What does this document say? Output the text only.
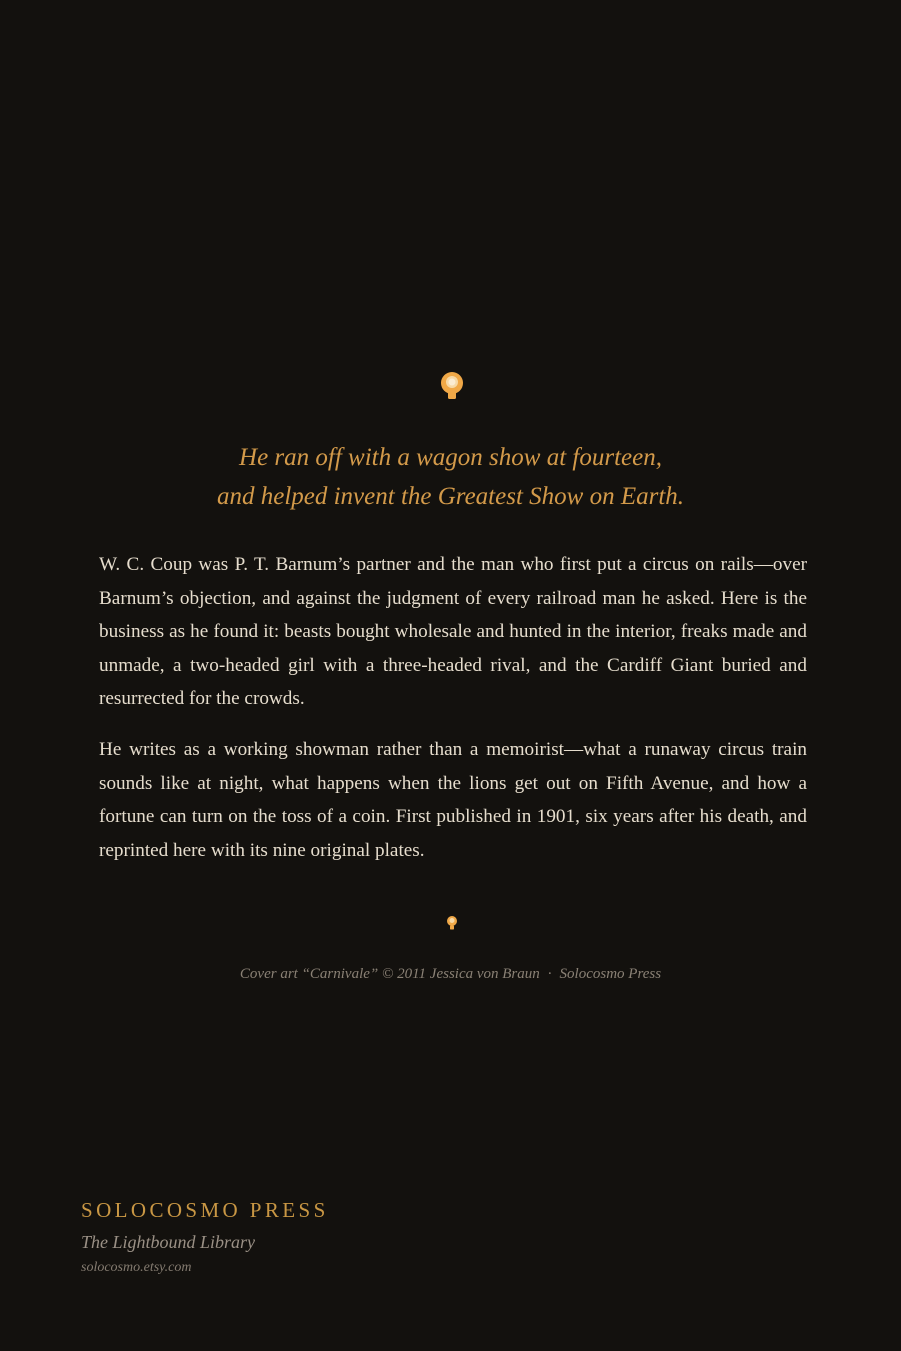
He ran off with a wagon show at fourteen,
and helped invent the Greatest Show on Earth.

W. C. Coup was P. T. Barnum’s partner and the man who first put a circus on rails—over Barnum’s objection, and against the judgment of every railroad man he asked. Here is the business as he found it: beasts bought wholesale and hunted in the interior, freaks made and unmade, a two-headed girl with a three-headed rival, and the Cardiff Giant buried and resurrected for the crowds.

He writes as a working showman rather than a memoirist—what a runaway circus train sounds like at night, what happens when the lions get out on Fifth Avenue, and how a fortune can turn on the toss of a coin. First published in 1901, six years after his death, and reprinted here with its nine original plates.

Cover art “Carnivale” © 2011 Jessica von Braun · Solocosmo Press
SOLOCOSMO PRESS
The Lightbound Library
solocosmo.etsy.com
